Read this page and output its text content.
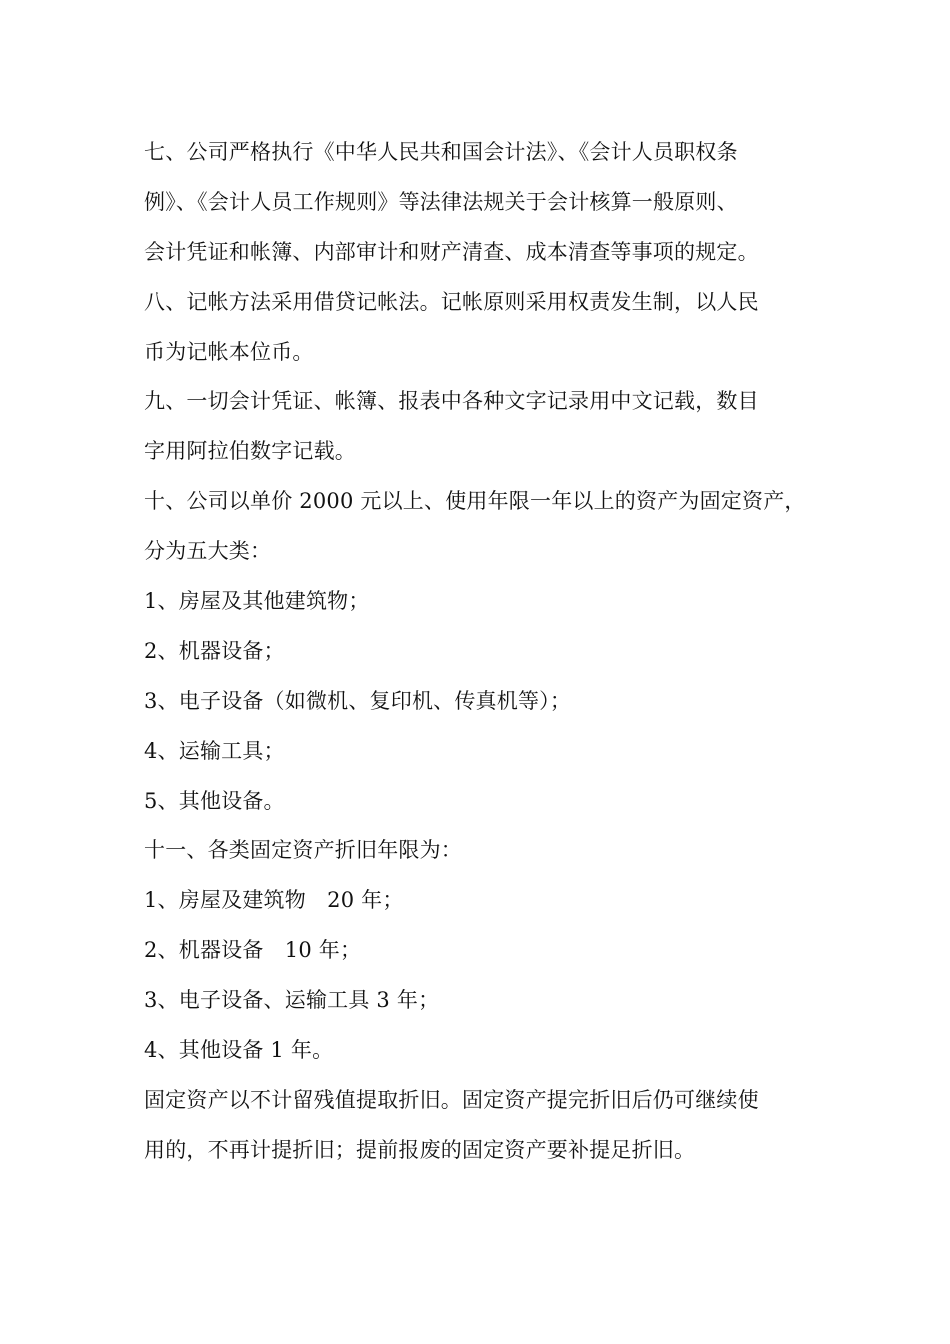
七、公司严格执行《中华人民共和国会计法》、《会计人员职权条
例》、《会计人员工作规则》等法律法规关于会计核算一般原则、
会计凭证和帐簿、内部审计和财产清查、成本清查等事项的规定。
八、记帐方法采用借贷记帐法。记帐原则采用权责发生制，以人民
币为记帐本位币。
九、一切会计凭证、帐簿、报表中各种文字记录用中文记载，数目
字用阿拉伯数字记载。
十、公司以单价 2000 元以上、使用年限一年以上的资产为固定资产，
分为五大类：
1、房屋及其他建筑物；
2、机器设备；
3、电子设备（如微机、复印机、传真机等）；
4、运输工具；
5、其他设备。
十一、各类固定资产折旧年限为：
1、房屋及建筑物　20 年；
2、机器设备　10 年；
3、电子设备、运输工具 3 年；
4、其他设备 1 年。
固定资产以不计留残值提取折旧。固定资产提完折旧后仍可继续使
用的，不再计提折旧；提前报废的固定资产要补提足折旧。
